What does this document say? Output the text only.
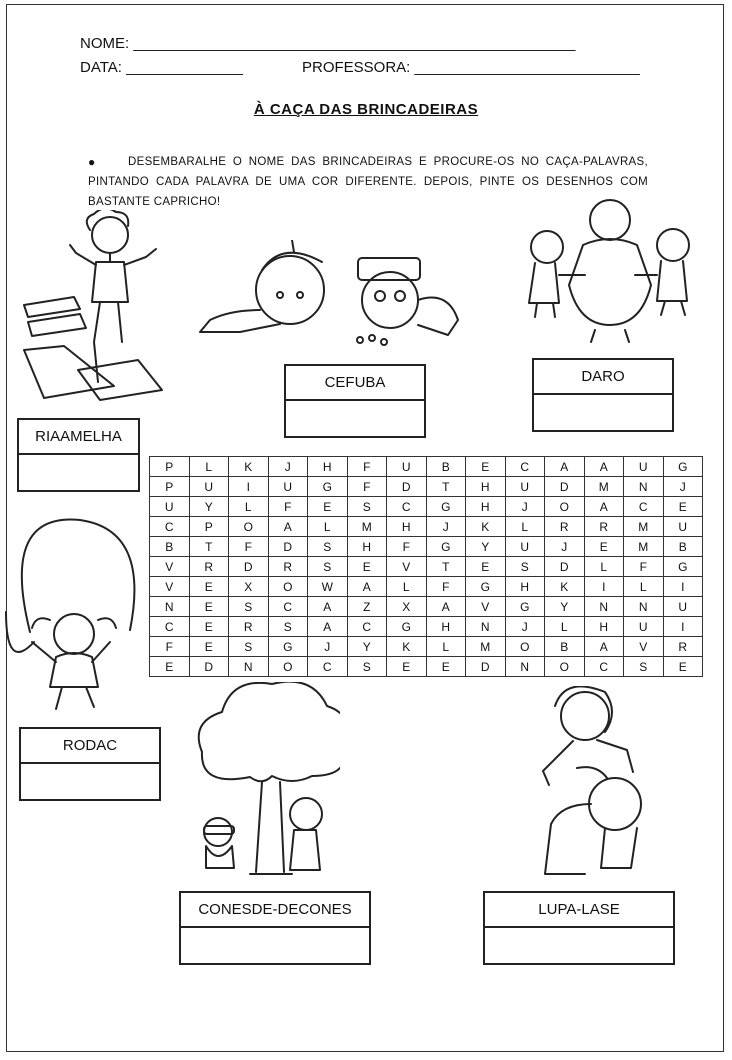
NOME: _____________________________________________________
DATA: ______________	PROFESSORA: ___________________________
À CAÇA DAS BRINCADEIRAS
●	DESEMBARALHE O NOME DAS BRINCADEIRAS E PROCURE-OS NO CAÇA-PALAVRAS, PINTANDO CADA PALAVRA DE UMA COR DIFERENTE. DEPOIS, PINTE OS DESENHOS COM BASTANTE CAPRICHO!

RIAAMELHA
CEFUBA	DARO
RODAC
CONESDE-DECONES	LUPA-LASE
P	L	K	J	H	F	U	B	E	C	A	A	U	G
P	U	I	U	G	F	D	T	H	U	D	M	N	J
U	Y	L	F	E	S	C	G	H	J	O	A	C	E
C	P	O	A	L	M	H	J	K	L	R	R	M	U
B	T	F	D	S	H	F	G	Y	U	J	E	M	B
V	R	D	R	S	E	V	T	E	S	D	L	F	G
V	E	X	O	W	A	L	F	G	H	K	I	L	I
N	E	S	C	A	Z	X	A	V	G	Y	N	N	U
C	E	R	S	A	C	G	H	N	J	L	H	U	I
F	E	S	G	J	Y	K	L	M	O	B	A	V	R
E	D	N	O	C	S	E	E	D	N	O	C	S	E
